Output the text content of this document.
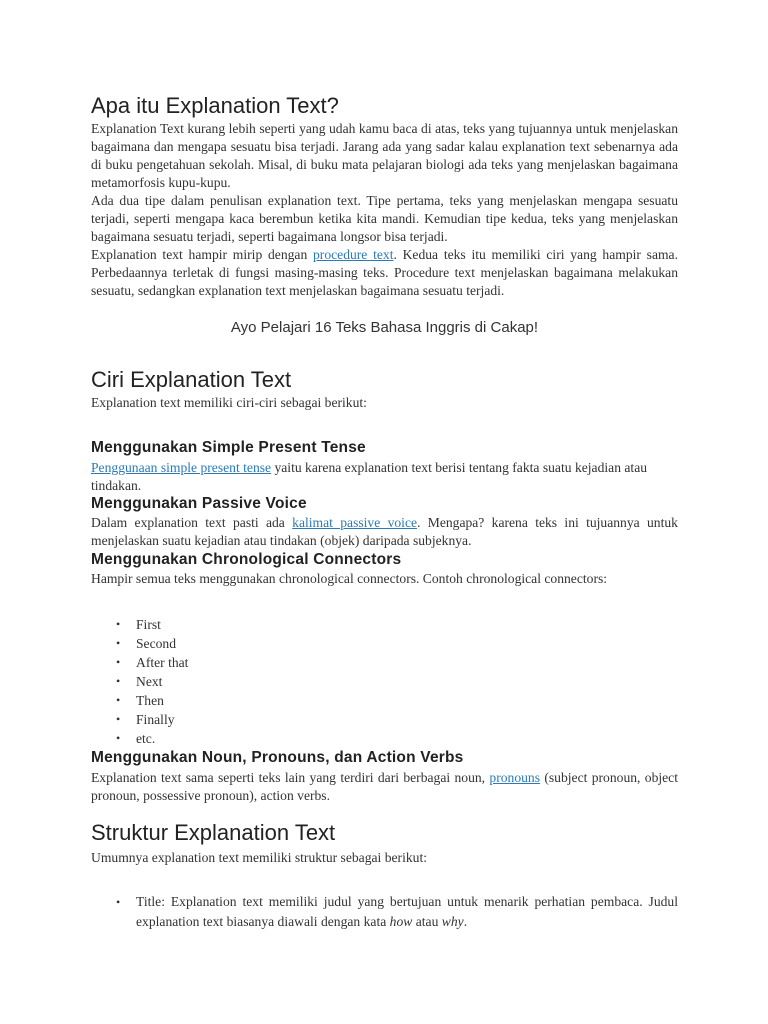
Apa itu Explanation Text?

Explanation Text kurang lebih seperti yang udah kamu baca di atas, teks yang tujuannya untuk menjelaskan bagaimana dan mengapa sesuatu bisa terjadi. Jarang ada yang sadar kalau explanation text sebenarnya ada di buku pengetahuan sekolah. Misal, di buku mata pelajaran biologi ada teks yang menjelaskan bagaimana metamorfosis kupu-kupu.

Ada dua tipe dalam penulisan explanation text. Tipe pertama, teks yang menjelaskan mengapa sesuatu terjadi, seperti mengapa kaca berembun ketika kita mandi. Kemudian tipe kedua, teks yang menjelaskan bagaimana sesuatu terjadi, seperti bagaimana longsor bisa terjadi.

Explanation text hampir mirip dengan procedure text. Kedua teks itu memiliki ciri yang hampir sama. Perbedaannya terletak di fungsi masing-masing teks. Procedure text menjelaskan bagaimana melakukan sesuatu, sedangkan explanation text menjelaskan bagaimana sesuatu terjadi.

Ayo Pelajari 16 Teks Bahasa Inggris di Cakap!
Ciri Explanation Text

Explanation text memiliki ciri-ciri sebagai berikut:

Menggunakan Simple Present Tense

Penggunaan simple present tense yaitu karena explanation text berisi tentang fakta suatu kejadian atau tindakan.

Menggunakan Passive Voice

Dalam explanation text pasti ada kalimat passive voice. Mengapa? karena teks ini tujuannya untuk menjelaskan suatu kejadian atau tindakan (objek) daripada subjeknya.

Menggunakan Chronological Connectors

Hampir semua teks menggunakan chronological connectors. Contoh chronological connectors:

• First
• Second
• After that
• Next
• Then
• Finally
• etc.
Menggunakan Noun, Pronouns, dan Action Verbs

Explanation text sama seperti teks lain yang terdiri dari berbagai noun, pronouns (subject pronoun, object pronoun, possessive pronoun), action verbs.

Struktur Explanation Text

Umumnya explanation text memiliki struktur sebagai berikut:

• Title: Explanation text memiliki judul yang bertujuan untuk menarik perhatian pembaca. Judul explanation text biasanya diawali dengan kata how atau why.
